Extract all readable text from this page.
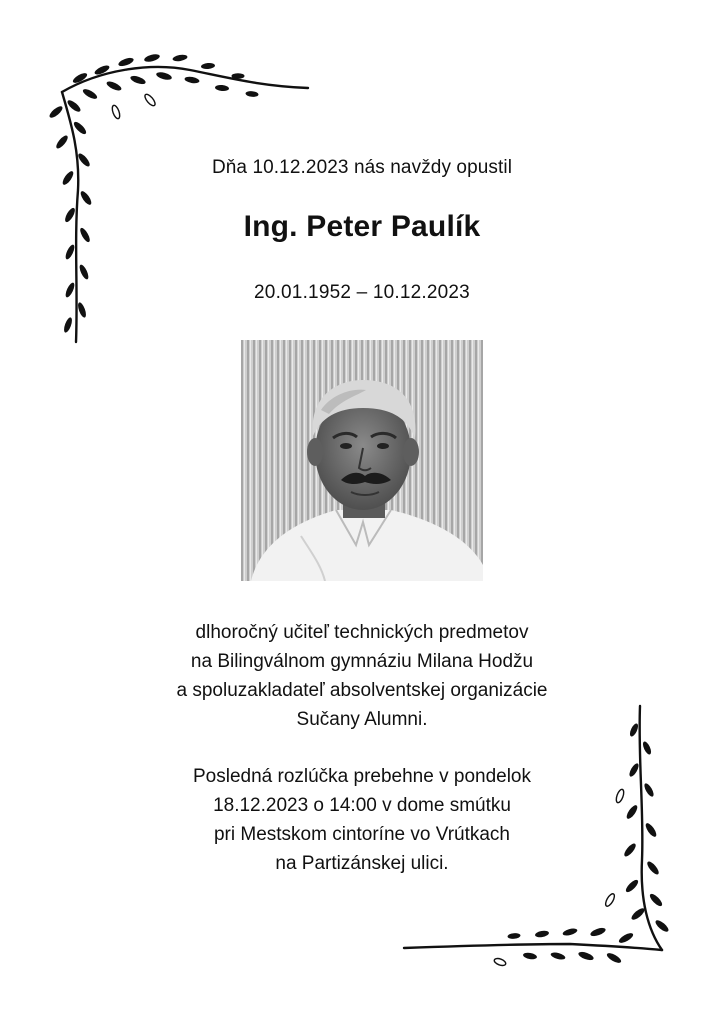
Dňa 10.12.2023 nás navždy opustil
Ing. Peter Paulík
20.01.1952 – 10.12.2023
dlhoročný učiteľ technických predmetov
na Bilingválnom gymnáziu Milana Hodžu
a spoluzakladateľ absolventskej organizácie
Sučany Alumni.
Posledná rozlúčka prebehne v pondelok
18.12.2023 o 14:00 v dome smútku
pri Mestskom cintoríne vo Vrútkach
na Partizánskej ulici.
